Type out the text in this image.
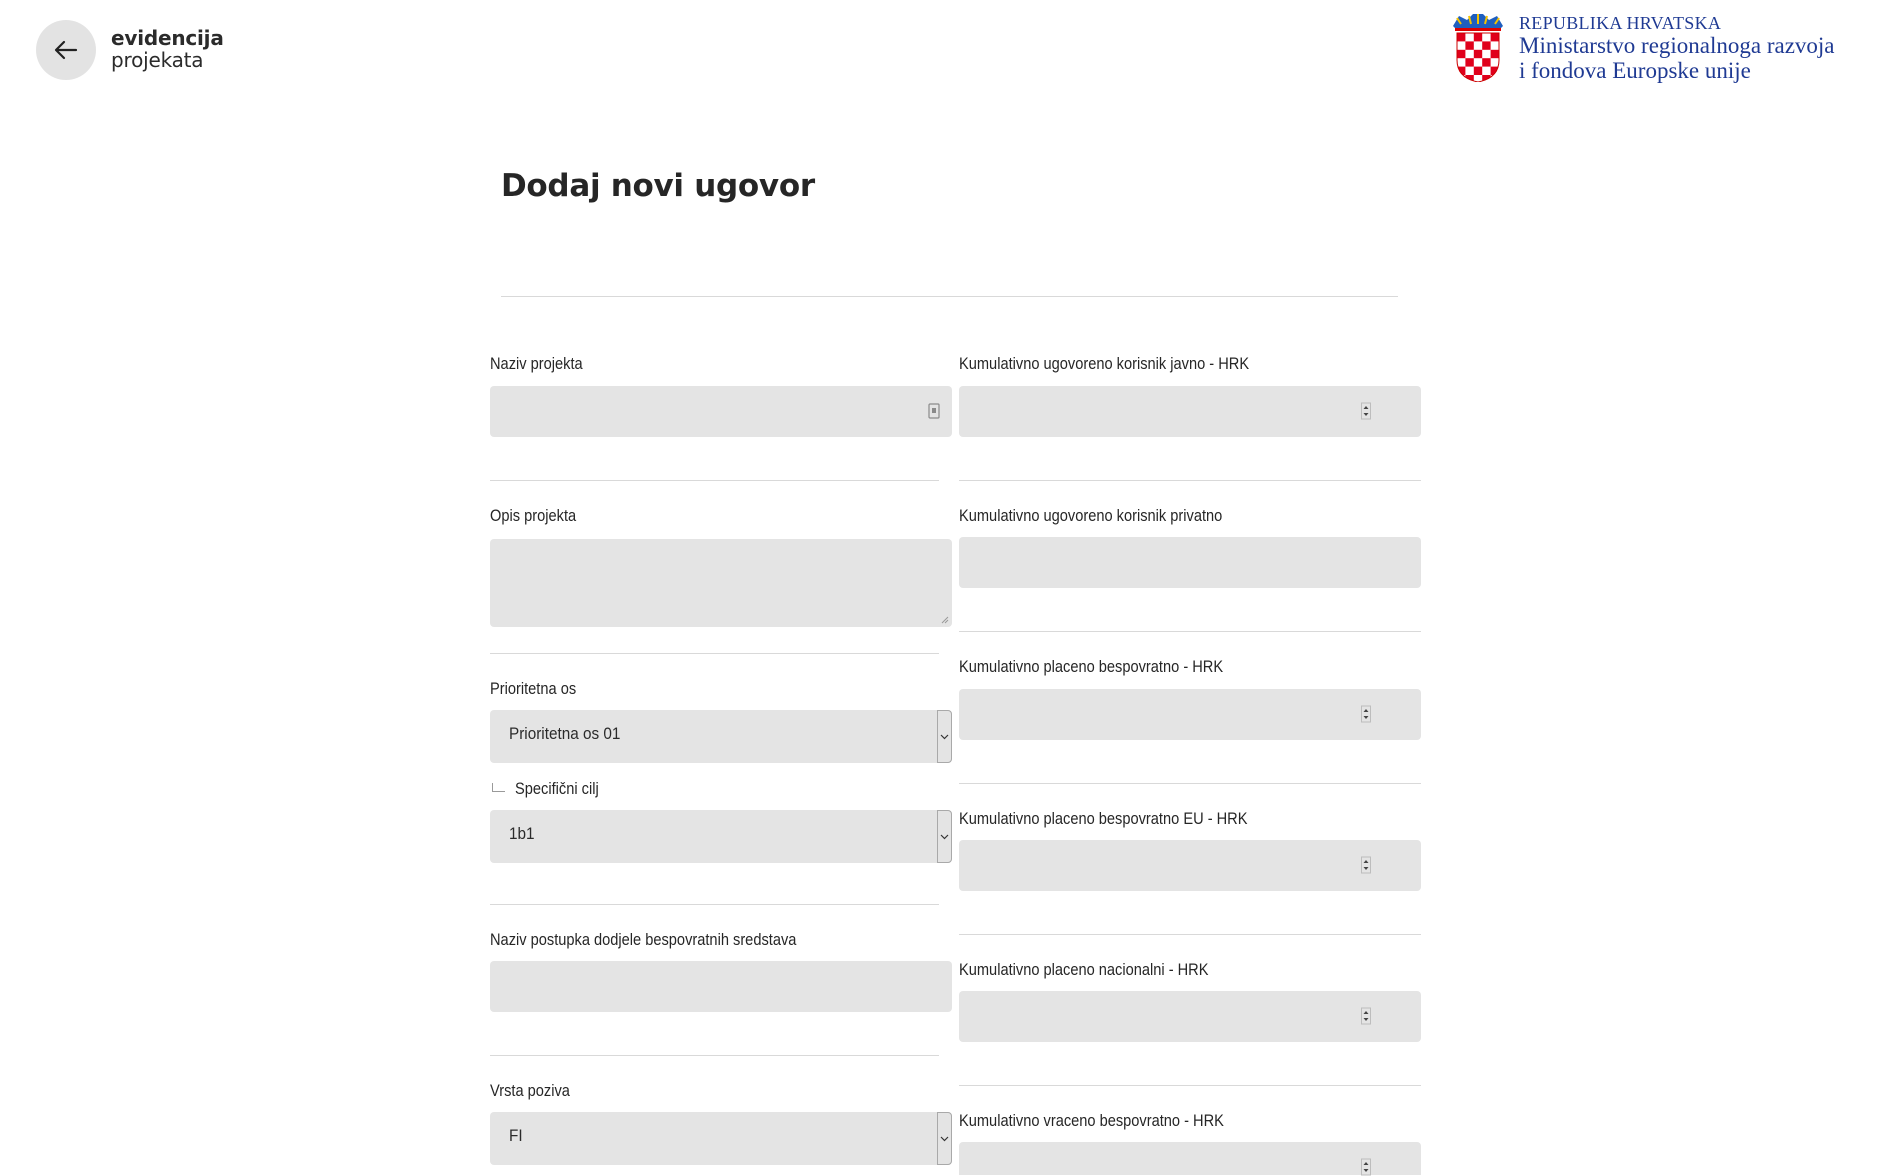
evidencija
projekata
REPUBLIKA HRVATSKA
Ministarstvo regionalnoga razvoja
i fondova Europske unije
Dodaj novi ugovor
Naziv projekta
Opis projekta
Prioritetna os
Prioritetna os 01
Specifični cilj
1b1
Naziv postupka dodjele bespovratnih sredstava
Vrsta poziva
FI
Kumulativno ugovoreno korisnik javno - HRK
Kumulativno ugovoreno korisnik privatno
Kumulativno placeno bespovratno - HRK
Kumulativno placeno bespovratno EU - HRK
Kumulativno placeno nacionalni - HRK
Kumulativno vraceno bespovratno - HRK
